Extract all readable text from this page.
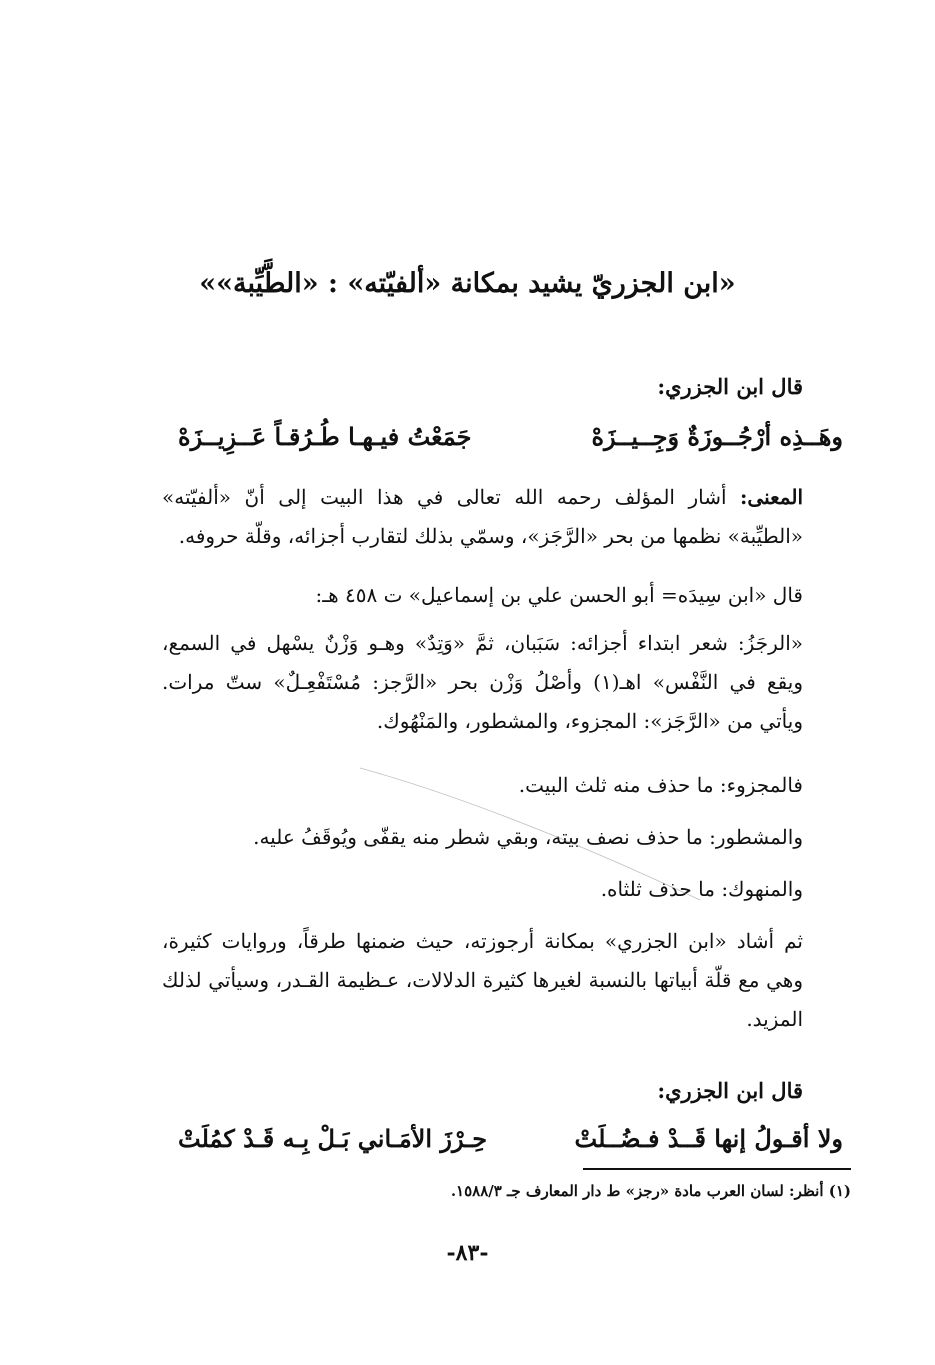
«ابن الجزريّ يشيد بمكانة «ألفيّته» : «الطَّيِّبة»»
قال ابن الجزري:
وهَــذِه أرْجُــوزَةٌ وَجِــيــزَهْ
جَمَعْتُ فيـهـا طُـرُقـاً عَــزِيــزَهْ
المعنى: أشار المؤلف رحمه الله تعالى في هذا البيت إلى أنّ «ألفيّته» «الطيِّبة» نظمها من بحر «الرَّجَز»، وسمّي بذلك لتقارب أجزائه، وقلّة حروفه.
قال «ابن سِيدَه= أبو الحسن علي بن إسماعيل» ت ٤٥٨ هـ:
«الرجَزُ: شعر ابتداء أجزائه: سَبَبان، ثمَّ «وَتِدٌ» وهـو وَزْنٌ يسْهل في السمع، ويقع في النَّفْس» اهـ(١) وأصْلُ وَزْن بحر «الرَّجز: مُسْتَفْعِـلٌ» ستّ مرات. ويأتي من «الرَّجَز»: المجزوء، والمشطور، والمَنْهُوك.
فالمجزوء: ما حذف منه ثلث البيت.
والمشطور: ما حذف نصف بيته، وبقي شطر منه يقفّى ويُوقَفُ عليه.
والمنهوك: ما حذف ثلثاه.
ثم أشاد «ابن الجزري» بمكانة أرجوزته، حيث ضمنها طرقاً، وروايات كثيرة، وهي مع قلّة أبياتها بالنسبة لغيرها كثيرة الدلالات، عـظيمة القـدر، وسيأتي لذلك المزيد.
قال ابن الجزري:
ولا أقـولُ إنها قَــدْ فـضُــلَتْ
حِـرْزَ الأمَـاني بَـلْ بِـه قَـدْ كمُلَتْ
(١) أنظر: لسان العرب مادة «رجز» ط دار المعارف جـ ١٥٨٨/٣.
-٨٣-
